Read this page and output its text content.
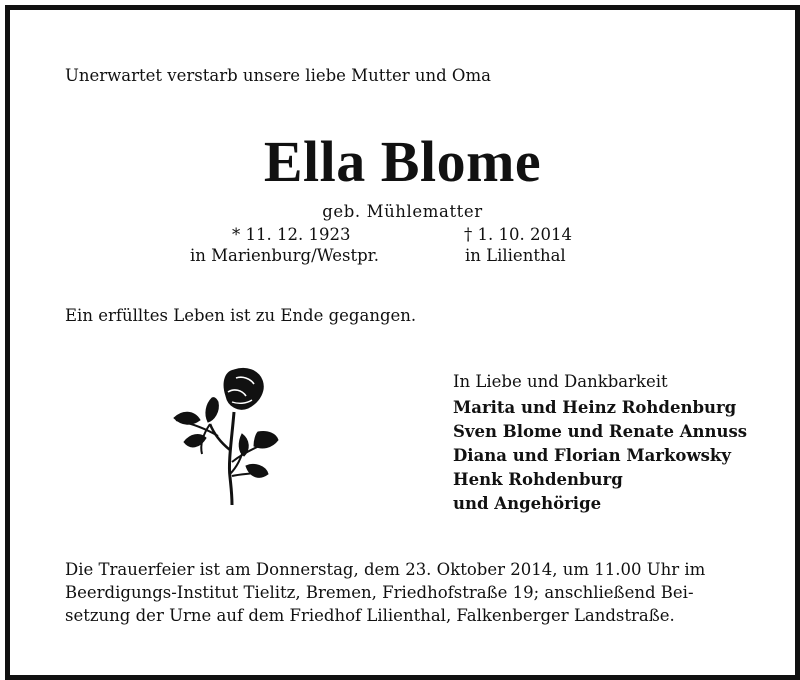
Unerwartet verstarb unsere liebe Mutter und Oma
Ella Blome
geb. Mühlematter
* 11. 12. 1923
in Marienburg/Westpr.
† 1. 10. 2014
in Lilienthal
Ein erfülltes Leben ist zu Ende gegangen.
In Liebe und Dankbarkeit
Marita und Heinz Rohdenburg
Sven Blome und Renate Annuss
Diana und Florian Markowsky
Henk Rohdenburg
und Angehörige
Die Trauerfeier ist am Donnerstag, dem 23. Oktober 2014, um 11.00 Uhr im
Beerdigungs-Institut Tielitz, Bremen, Friedhofstraße 19; anschließend Bei-
setzung der Urne auf dem Friedhof Lilienthal, Falkenberger Landstraße.
